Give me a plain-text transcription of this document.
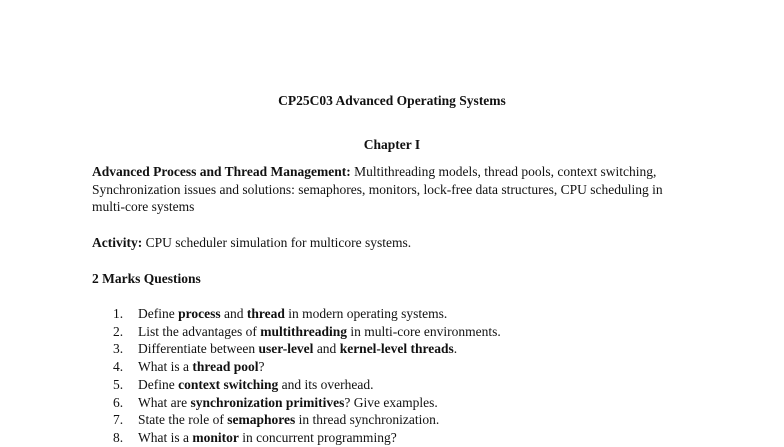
CP25C03 Advanced Operating Systems
Chapter I
Advanced Process and Thread Management: Multithreading models, thread pools, context switching, Synchronization issues and solutions: semaphores, monitors, lock-free data structures, CPU scheduling in multi-core systems
Activity: CPU scheduler simulation for multicore systems.
2 Marks Questions
1. Define process and thread in modern operating systems.
2. List the advantages of multithreading in multi-core environments.
3. Differentiate between user-level and kernel-level threads.
4. What is a thread pool?
5. Define context switching and its overhead.
6. What are synchronization primitives? Give examples.
7. State the role of semaphores in thread synchronization.
8. What is a monitor in concurrent programming?
